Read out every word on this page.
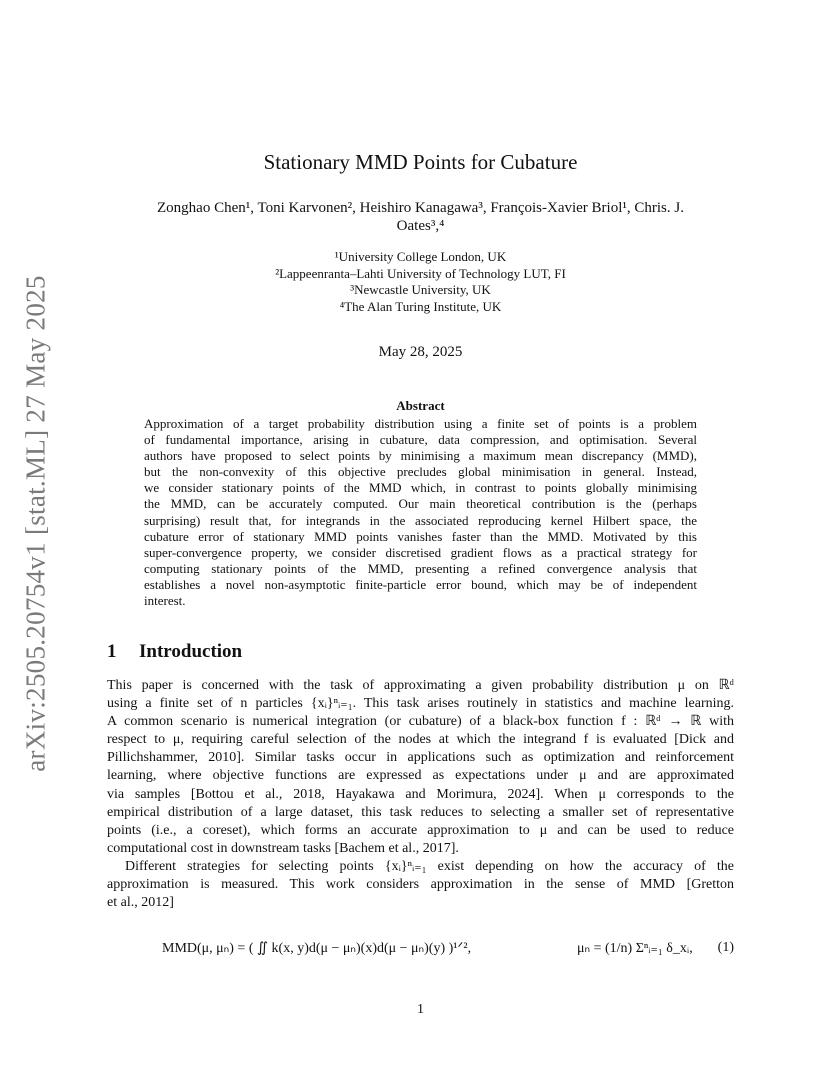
arXiv:2505.20754v1 [stat.ML] 27 May 2025
Stationary MMD Points for Cubature
Zonghao Chen¹, Toni Karvonen², Heishiro Kanagawa³, François-Xavier Briol¹, Chris. J.
Oates³,⁴
¹University College London, UK
²Lappeenranta–Lahti University of Technology LUT, FI
³Newcastle University, UK
⁴The Alan Turing Institute, UK
May 28, 2025
Abstract
Approximation of a target probability distribution using a finite set of points is a problem
of fundamental importance, arising in cubature, data compression, and optimisation. Several
authors have proposed to select points by minimising a maximum mean discrepancy (MMD),
but the non-convexity of this objective precludes global minimisation in general. Instead,
we consider stationary points of the MMD which, in contrast to points globally minimising
the MMD, can be accurately computed. Our main theoretical contribution is the (perhaps
surprising) result that, for integrands in the associated reproducing kernel Hilbert space, the
cubature error of stationary MMD points vanishes faster than the MMD. Motivated by this
super-convergence property, we consider discretised gradient flows as a practical strategy for
computing stationary points of the MMD, presenting a refined convergence analysis that
establishes a novel non-asymptotic finite-particle error bound, which may be of independent
interest.
1 Introduction
This paper is concerned with the task of approximating a given probability distribution μ on ℝᵈ
using a finite set of n particles {xᵢ}ⁿᵢ₌₁. This task arises routinely in statistics and machine learning.
A common scenario is numerical integration (or cubature) of a black-box function f : ℝᵈ → ℝ with
respect to μ, requiring careful selection of the nodes at which the integrand f is evaluated [Dick and
Pillichshammer, 2010]. Similar tasks occur in applications such as optimization and reinforcement
learning, where objective functions are expressed as expectations under μ and are approximated
via samples [Bottou et al., 2018, Hayakawa and Morimura, 2024]. When μ corresponds to the
empirical distribution of a large dataset, this task reduces to selecting a smaller set of representative
points (i.e., a coreset), which forms an accurate approximation to μ and can be used to reduce
computational cost in downstream tasks [Bachem et al., 2017].
Different strategies for selecting points {xᵢ}ⁿᵢ₌₁ exist depending on how the accuracy of the
approximation is measured. This work considers approximation in the sense of MMD [Gretton
et al., 2012]
MMD(μ, μₙ) = ( ∬ k(x, y)d(μ − μₙ)(x)d(μ − μₙ)(y) )¹ᐟ²,	μₙ = (1/n) Σⁿᵢ₌₁ δ_xᵢ, (1)
1
